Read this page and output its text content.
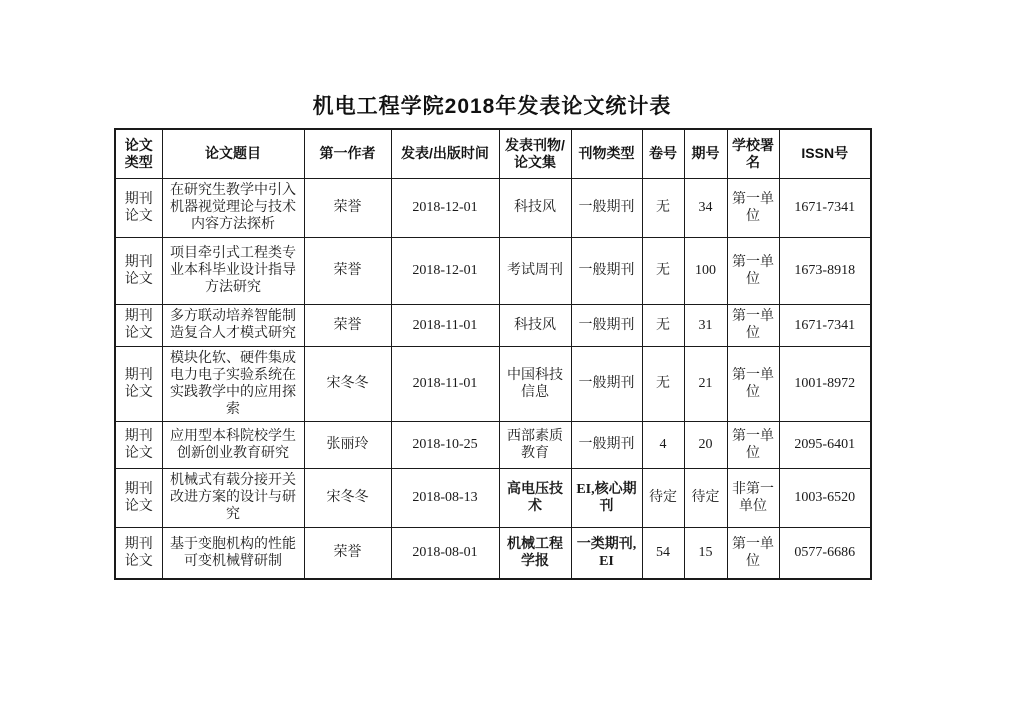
机电工程学院2018年发表论文统计表
论文类型	论文题目	第一作者	发表/出版时间	发表刊物/论文集	刊物类型	卷号	期号	学校署名	ISSN号
期刊论文	在研究生教学中引入机器视觉理论与技术内容方法探析	荣誉	2018-12-01	科技风	一般期刊	无	34	第一单位	1671-7341
期刊论文	项目牵引式工程类专业本科毕业设计指导方法研究	荣誉	2018-12-01	考试周刊	一般期刊	无	100	第一单位	1673-8918
期刊论文	多方联动培养智能制造复合人才模式研究	荣誉	2018-11-01	科技风	一般期刊	无	31	第一单位	1671-7341
期刊论文	模块化软、硬件集成电力电子实验系统在实践教学中的应用探索	宋冬冬	2018-11-01	中国科技信息	一般期刊	无	21	第一单位	1001-8972
期刊论文	应用型本科院校学生创新创业教育研究	张丽玲	2018-10-25	西部素质教育	一般期刊	4	20	第一单位	2095-6401
期刊论文	机械式有载分接开关改进方案的设计与研究	宋冬冬	2018-08-13	高电压技术	EI,核心期刊	待定	待定	非第一单位	1003-6520
期刊论文	基于变胞机构的性能可变机械臂研制	荣誉	2018-08-01	机械工程学报	一类期刊,EI	54	15	第一单位	0577-6686
